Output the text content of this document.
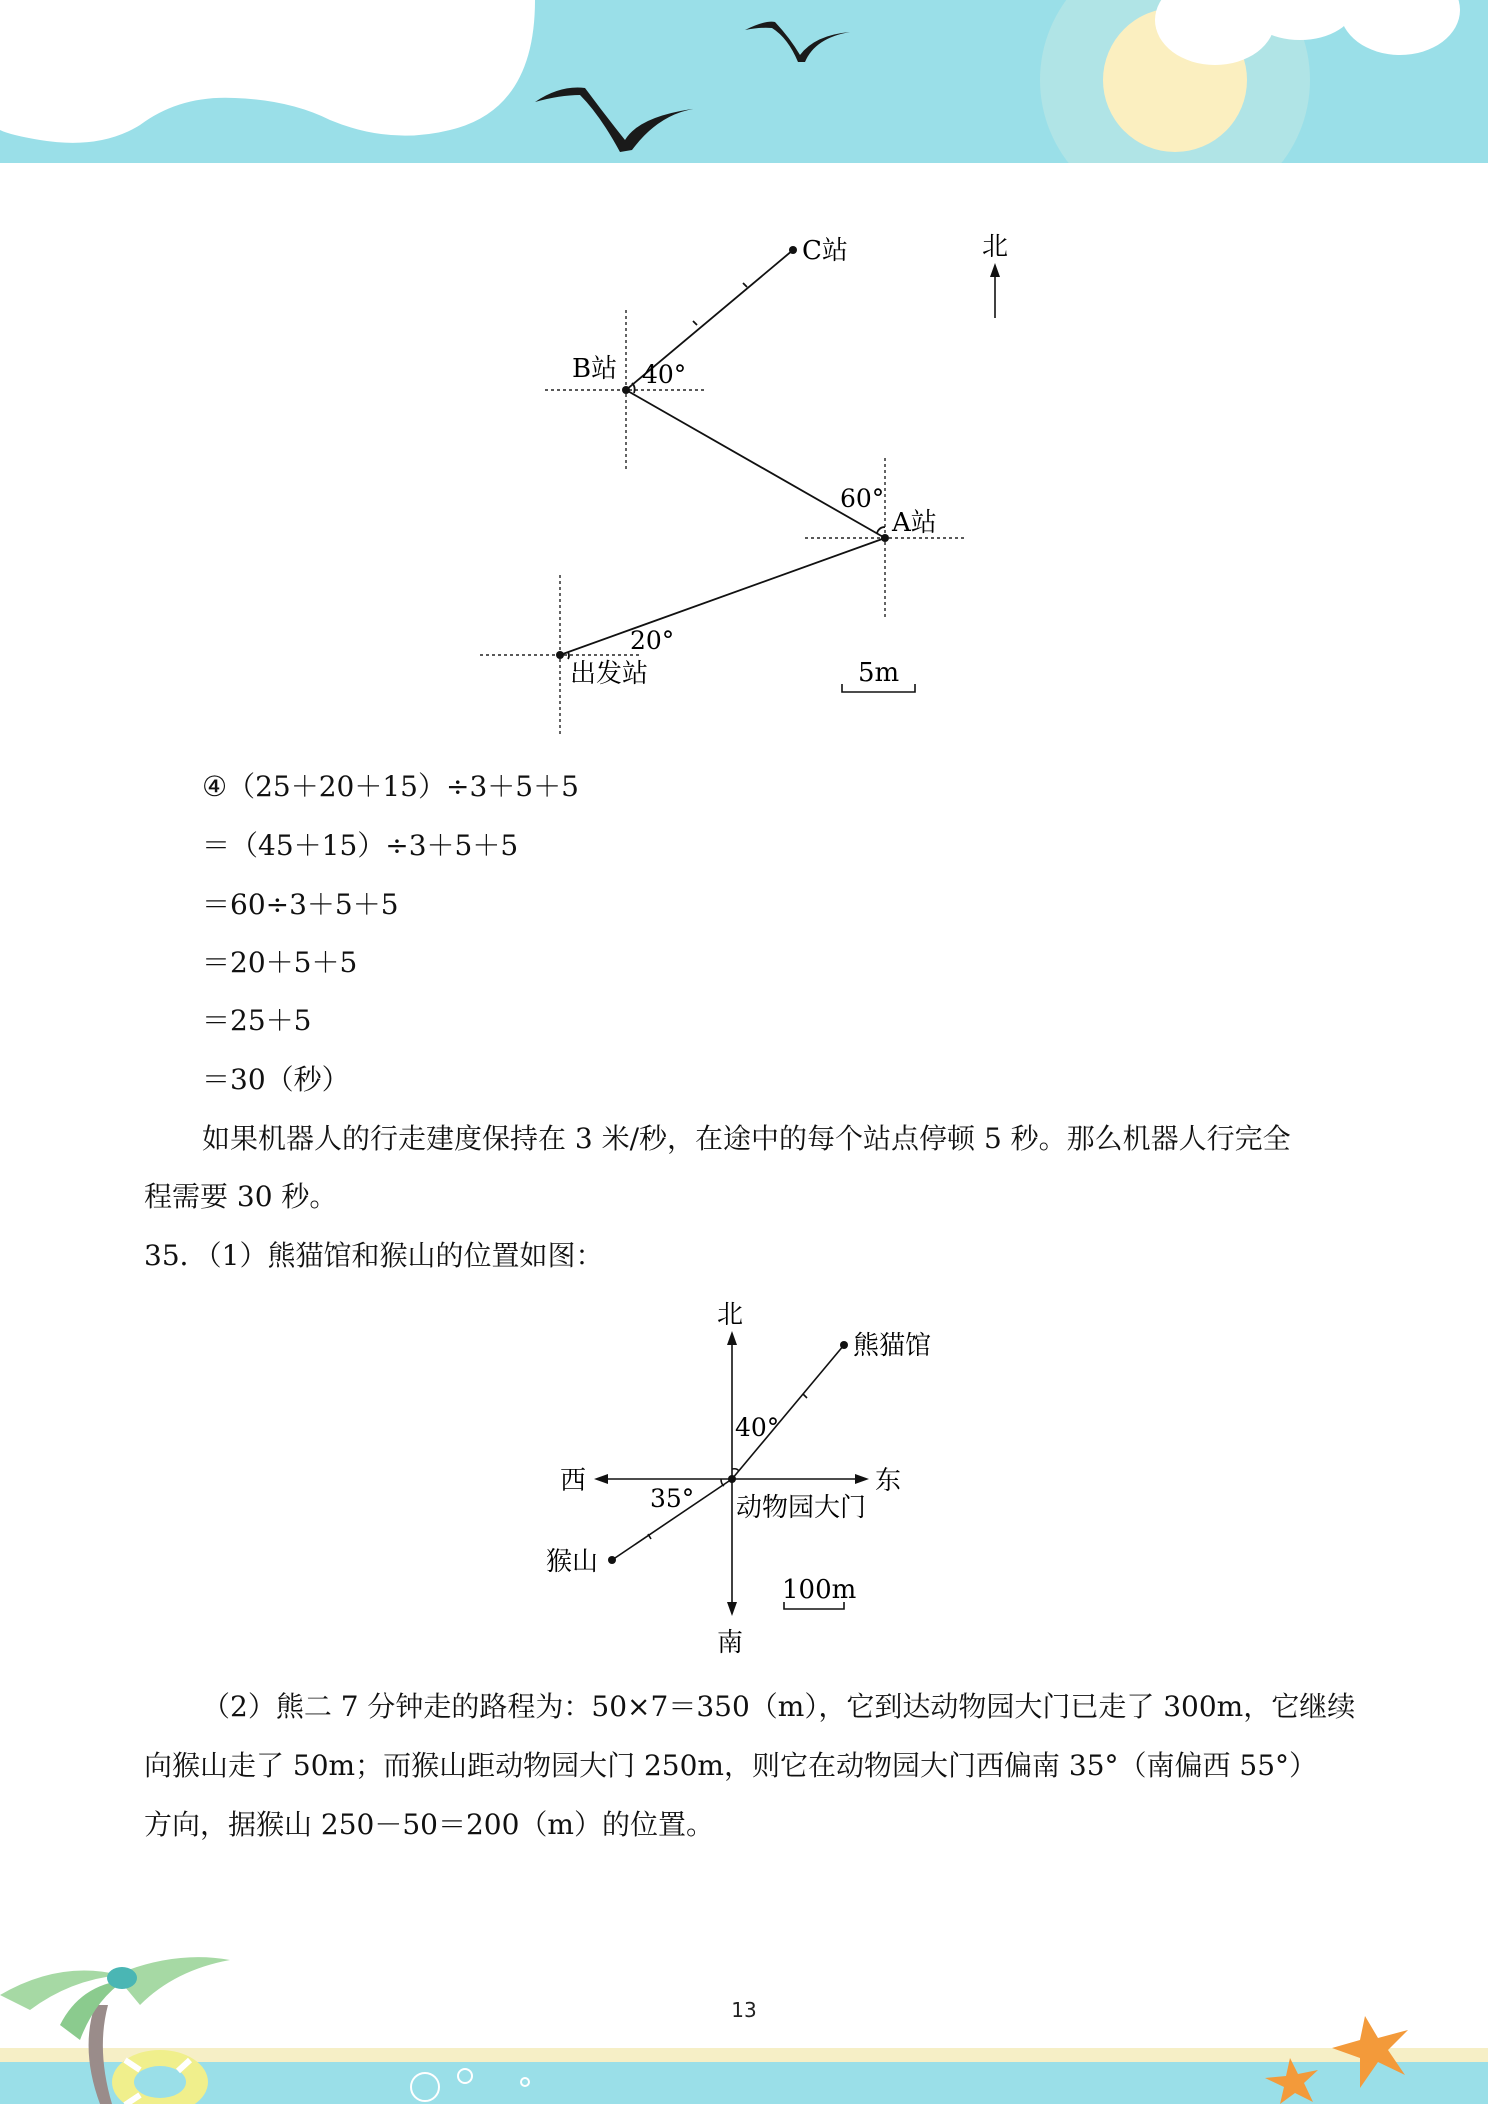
C站
B站
A站
出发站
40°
60°
20°
北
5m
④（25＋20＋15）÷3＋5＋5
＝（45＋15）÷3＋5＋5
＝60÷3＋5＋5
＝20＋5＋5
＝25＋5
＝30（秒）
如果机器人的行走建度保持在 3 米/秒，在途中的每个站点停顿 5 秒。那么机器人行完全
程需要 30 秒。
35．（1）熊猫馆和猴山的位置如图：
北
南
东
西
熊猫馆
猴山
动物园大门
40°
35°
100m
（2）熊二 7 分钟走的路程为：50×7＝350（m），它到达动物园大门已走了 300m，它继续
向猴山走了 50m；而猴山距动物园大门 250m，则它在动物园大门西偏南 35°（南偏西 55°）
方向，据猴山 250－50＝200（m）的位置。
13
